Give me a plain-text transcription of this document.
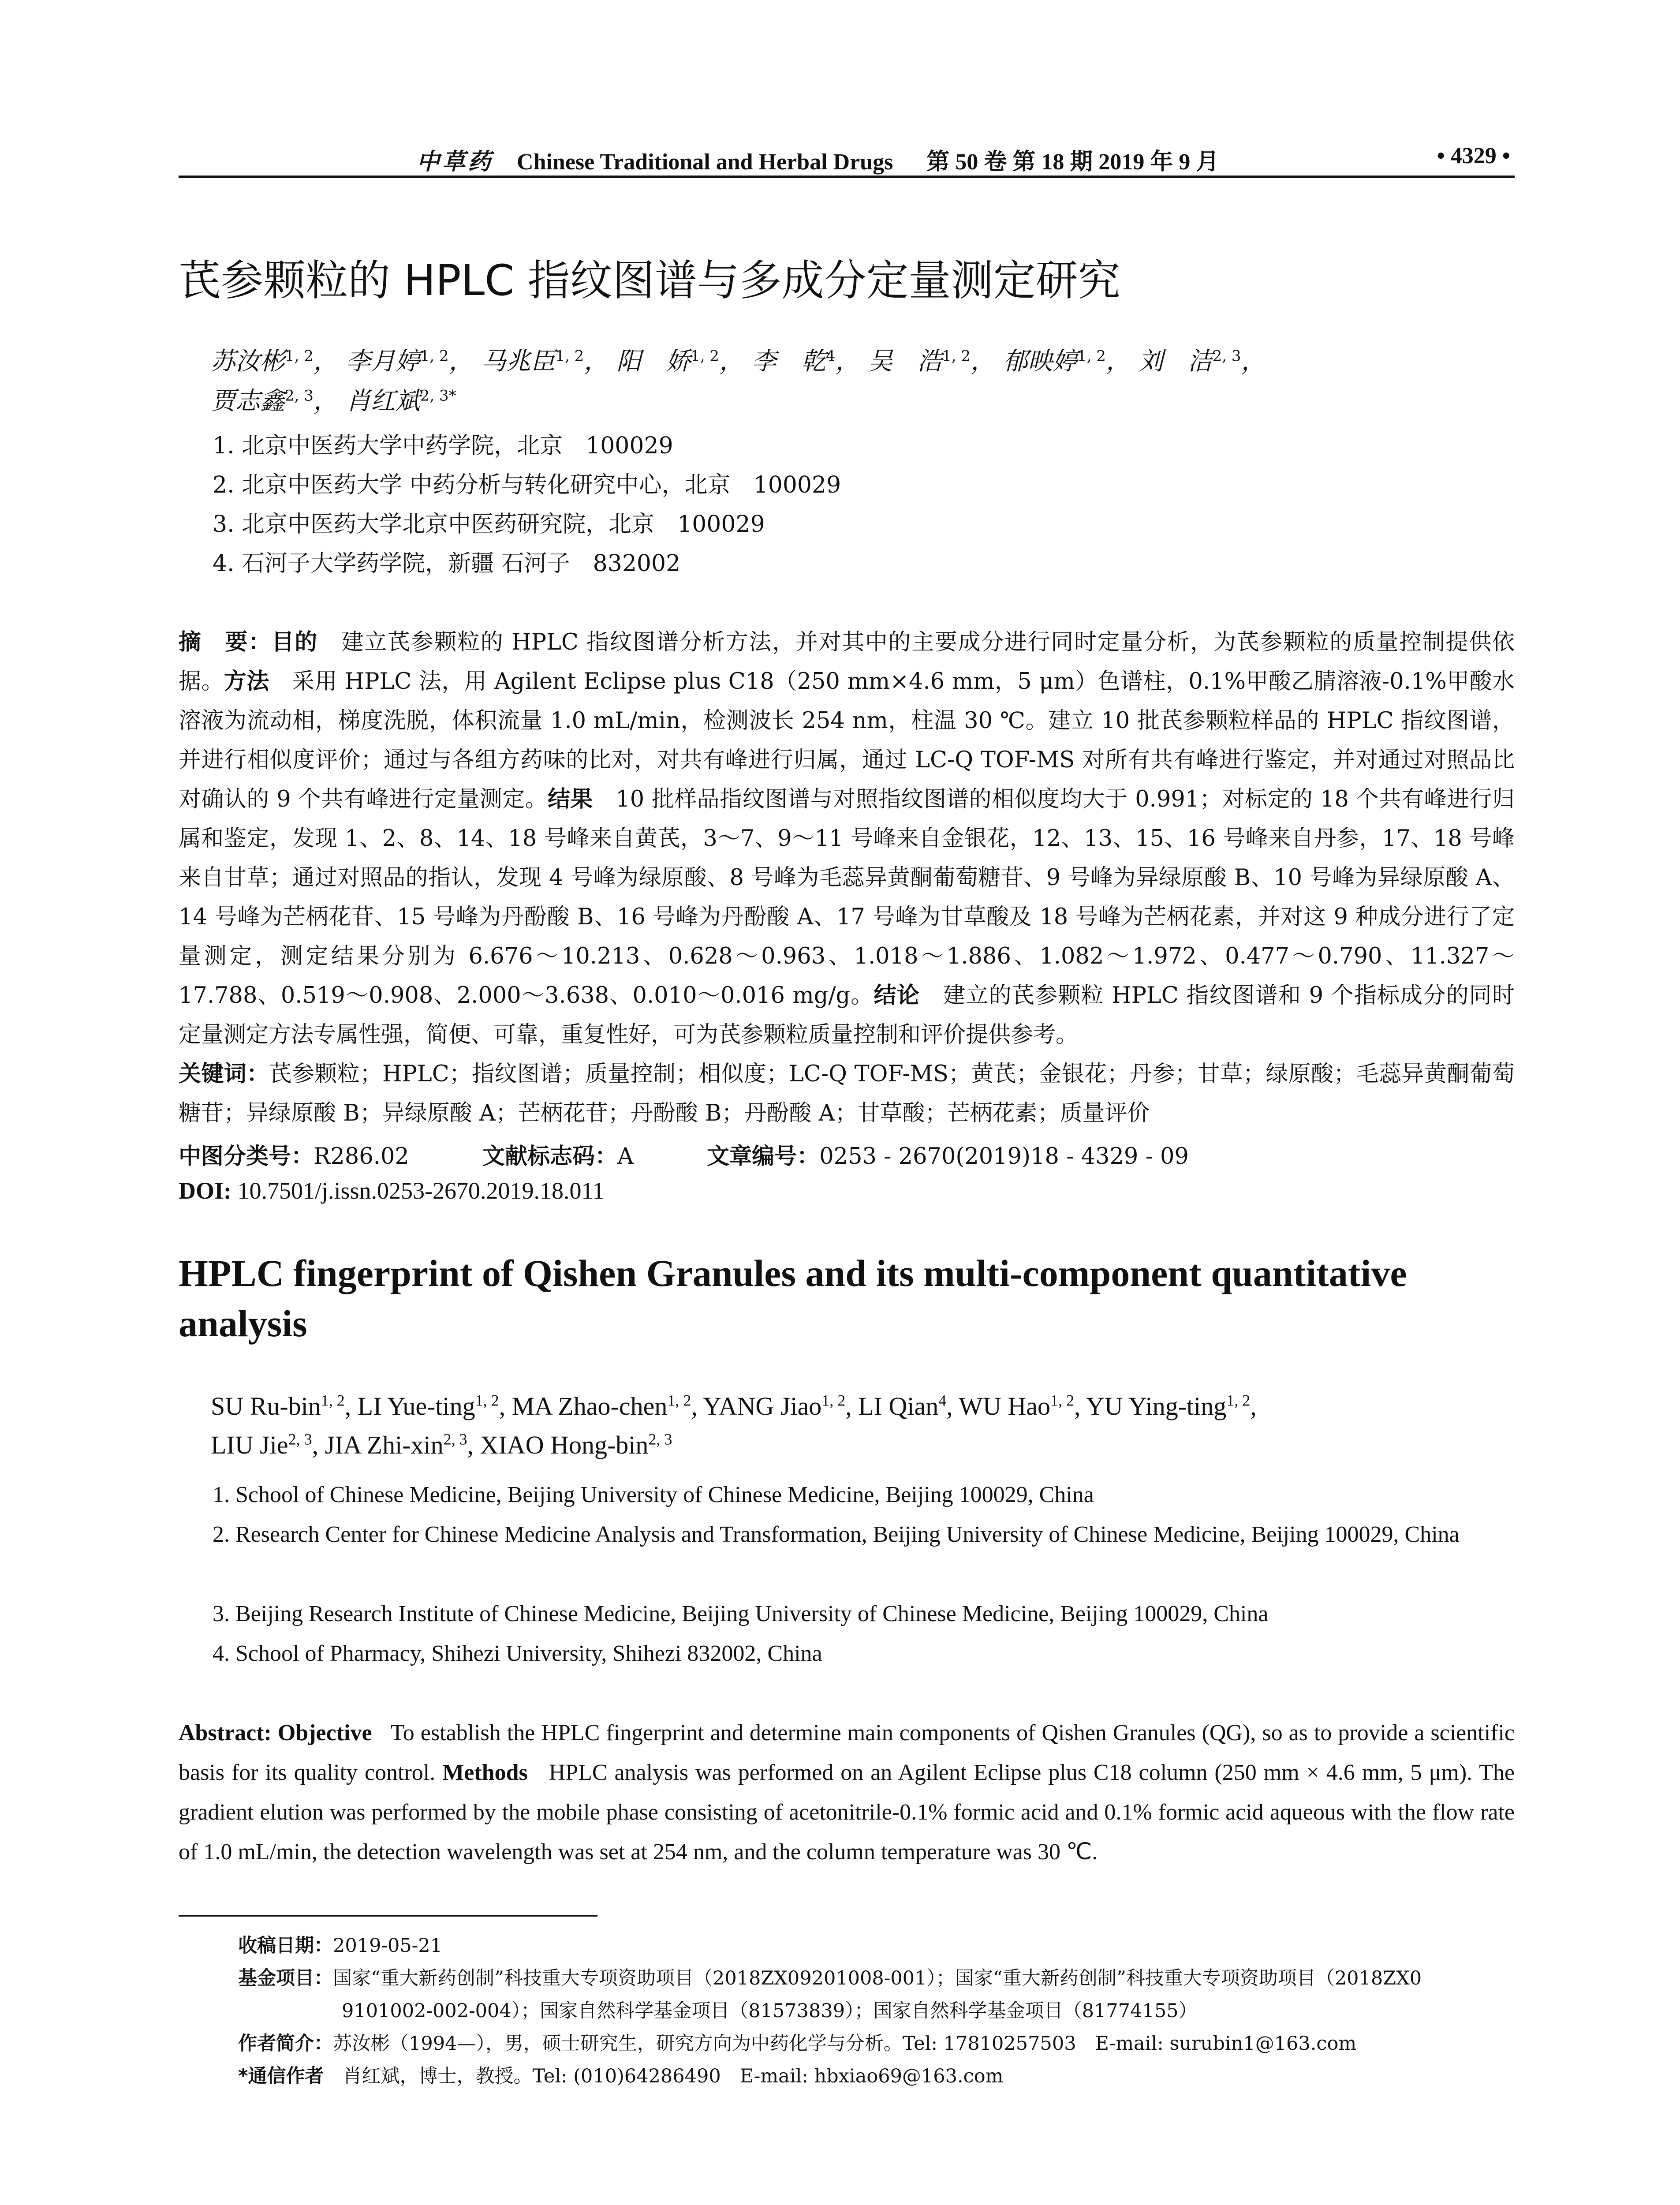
中草药 Chinese Traditional and Herbal Drugs 第 50 卷 第 18 期 2019 年 9 月	• 4329 •
芪参颗粒的 HPLC 指纹图谱与多成分定量测定研究
苏汝彬$^{1, 2}$， 李月婷$^{1, 2}$， 马兆臣$^{1, 2}$， 阳　娇$^{1, 2}$， 李　乾$^4$， 吴　浩$^{1, 2}$， 郁映婷$^{1, 2}$， 刘　洁$^{2, 3}$，
贾志鑫$^{2, 3}$， 肖红斌$^{2, 3*}$
1. 北京中医药大学中药学院，北京　100029
2. 北京中医药大学 中药分析与转化研究中心，北京　100029
3. 北京中医药大学北京中医药研究院，北京　100029
4. 石河子大学药学院，新疆 石河子　832002
摘　要：目的　 建立芪参颗粒的 HPLC 指纹图谱分析方法，并对其中的主要成分进行同时定量分析，为芪参颗粒的质量控制提供依据。方法　 采用 HPLC 法，用 Agilent Eclipse plus C18（250 mm×4.6 mm，5 μm）色谱柱，0.1%甲酸乙腈溶液-0.1%甲酸水溶液为流动相，梯度洗脱，体积流量 1.0 mL/min，检测波长 254 nm，柱温 30 ℃。建立 10 批芪参颗粒样品的 HPLC 指纹图谱，并进行相似度评价；通过与各组方药味的比对，对共有峰进行归属，通过 LC-Q TOF-MS 对所有共有峰进行鉴定，并对通过对照品比对确认的 9 个共有峰进行定量测定。结果　 10 批样品指纹图谱与对照指纹图谱的相似度均大于 0.991；对标定的 18 个共有峰进行归属和鉴定，发现 1、2、8、14、18 号峰来自黄芪，3～7、9～11 号峰来自金银花，12、13、15、16 号峰来自丹参，17、18 号峰来自甘草；通过对照品的指认，发现 4 号峰为绿原酸、8 号峰为毛蕊异黄酮葡萄糖苷、9 号峰为异绿原酸 B、10 号峰为异绿原酸 A、14 号峰为芒柄花苷、15 号峰为丹酚酸 B、16 号峰为丹酚酸 A、17 号峰为甘草酸及 18 号峰为芒柄花素，并对这 9 种成分进行了定量测定，测定结果分别为 6.676～10.213、0.628～0.963、1.018～1.886、1.082～1.972、0.477～0.790、11.327～17.788、0.519～0.908、2.000～3.638、0.010～0.016 mg/g。结论　 建立的芪参颗粒 HPLC 指纹图谱和 9 个指标成分的同时定量测定方法专属性强，简便、可靠，重复性好，可为芪参颗粒质量控制和评价提供参考。
关键词：芪参颗粒；HPLC；指纹图谱；质量控制；相似度；LC-Q TOF-MS；黄芪；金银花；丹参；甘草；绿原酸；毛蕊异黄酮葡萄糖苷；异绿原酸 B；异绿原酸 A；芒柄花苷；丹酚酸 B；丹酚酸 A；甘草酸；芒柄花素；质量评价
中图分类号：R286.02	文献标志码：A	文章编号：0253 - 2670(2019)18 - 4329 - 09
DOI: 10.7501/j.issn.0253-2670.2019.18.011
HPLC fingerprint of Qishen Granules and its multi-component quantitative analysis
SU Ru-bin$^{1, 2}$, LI Yue-ting$^{1, 2}$, MA Zhao-chen$^{1, 2}$, YANG Jiao$^{1, 2}$, LI Qian$^4$, WU Hao$^{1, 2}$, YU Ying-ting$^{1, 2}$,
LIU Jie$^{2, 3}$, JIA Zhi-xin$^{2, 3}$, XIAO Hong-bin$^{2, 3}$
1. School of Chinese Medicine, Beijing University of Chinese Medicine, Beijing 100029, China
2. Research Center for Chinese Medicine Analysis and Transformation, Beijing University of Chinese Medicine, Beijing 100029, China
3. Beijing Research Institute of Chinese Medicine, Beijing University of Chinese Medicine, Beijing 100029, China
4. School of Pharmacy, Shihezi University, Shihezi 832002, China
Abstract: Objective To establish the HPLC fingerprint and determine main components of Qishen Granules (QG), so as to provide a scientific basis for its quality control. Methods HPLC analysis was performed on an Agilent Eclipse plus C18 column (250 mm × 4.6 mm, 5 μm). The gradient elution was performed by the mobile phase consisting of acetonitrile-0.1% formic acid and 0.1% formic acid aqueous with the flow rate of 1.0 mL/min, the detection wavelength was set at 254 nm, and the column temperature was 30 ℃.
收稿日期：2019-05-21
基金项目：国家“重大新药创制”科技重大专项资助项目（2018ZX09201008-001）；国家“重大新药创制”科技重大专项资助项目（2018ZX0
9101002-002-004）；国家自然科学基金项目（81573839）；国家自然科学基金项目（81774155）
作者简介：苏汝彬（1994—），男，硕士研究生，研究方向为中药化学与分析。Tel: 17810257503　E-mail: surubin1@163.com
*通信作者　 肖红斌，博士，教授。Tel: (010)64286490　E-mail: hbxiao69@163.com
